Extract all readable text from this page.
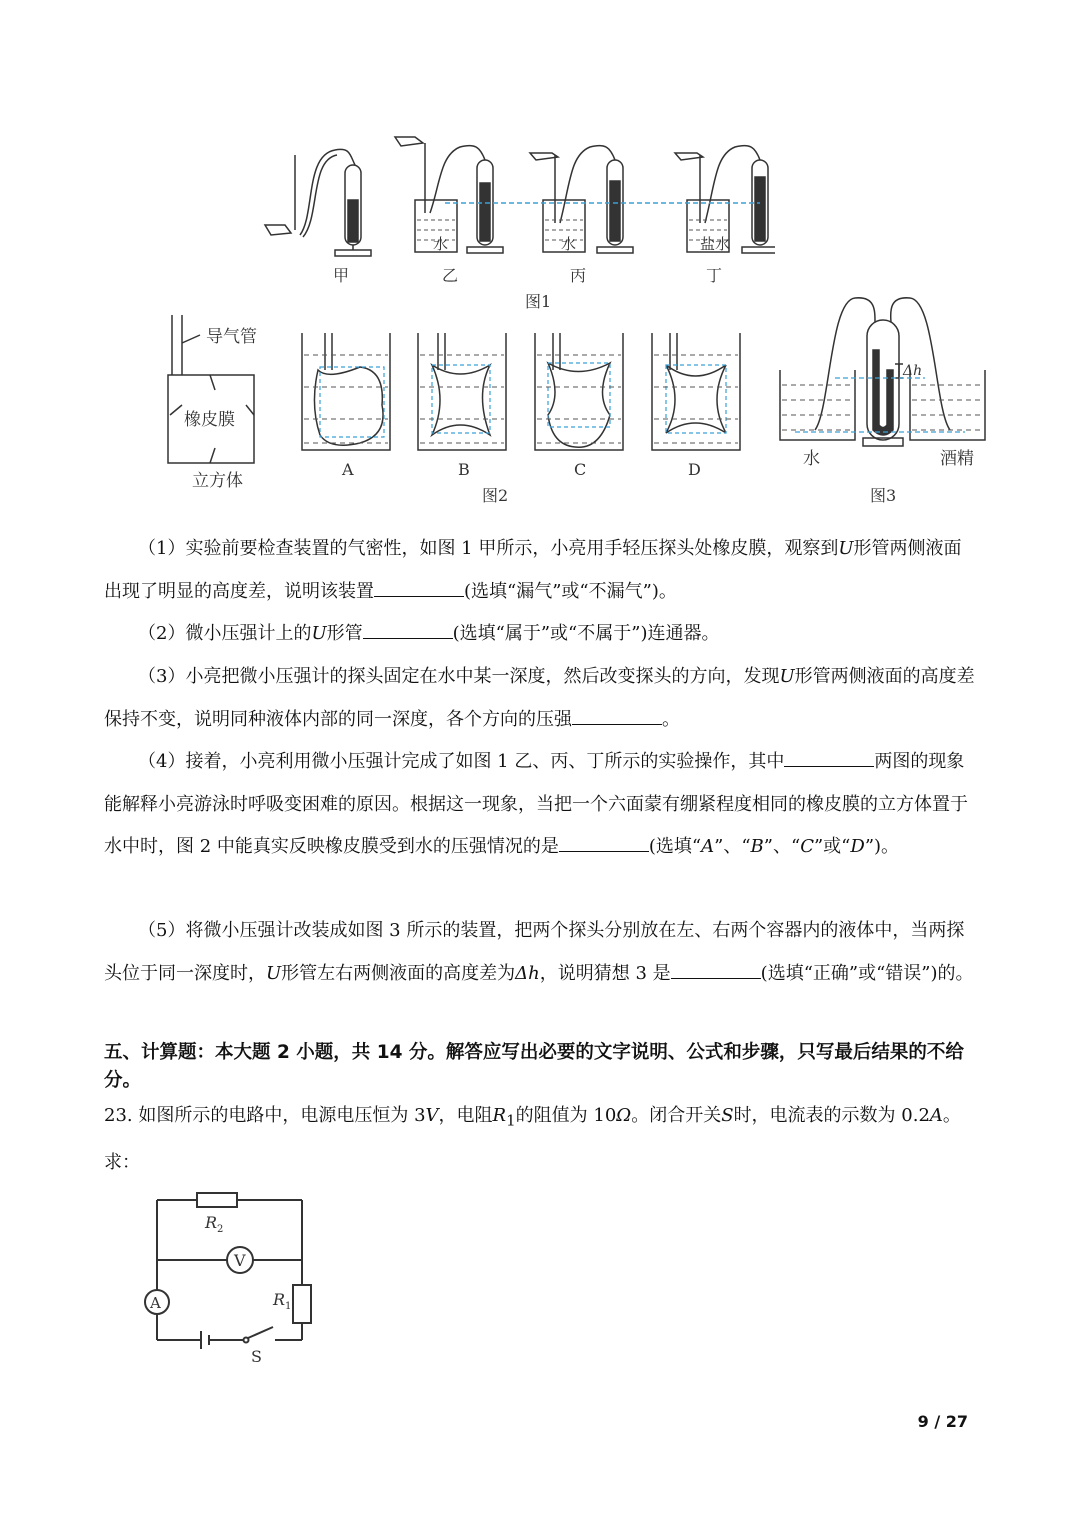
水	水	盐水
甲	乙	丙	丁
图1
导气管
橡皮膜
立方体
A	B	C	D
图2
Δh
水	酒精
图3
（1）实验前要检查装置的气密性，如图 1 甲所示，小亮用手轻压探头处橡皮膜，观察到U形管两侧液面出现了明显的高度差，说明该装置	(选填“漏气”或“不漏气”)。
（2）微小压强计上的U形管	(选填“属于”或“不属于”)连通器。
（3）小亮把微小压强计的探头固定在水中某一深度，然后改变探头的方向，发现U形管两侧液面的高度差保持不变，说明同种液体内部的同一深度，各个方向的压强	。
（4）接着，小亮利用微小压强计完成了如图 1 乙、丙、丁所示的实验操作，其中	两图的现象能解释小亮游泳时呼吸变困难的原因。根据这一现象，当把一个六面蒙有绷紧程度相同的橡皮膜的立方体置于水中时，图 2 中能真实反映橡皮膜受到水的压强情况的是	(选填“A”、“B”、“C”或“D”)。
（5）将微小压强计改装成如图 3 所示的装置，把两个探头分别放在左、右两个容器内的液体中，当两探头位于同一深度时，U形管左右两侧液面的高度差为Δh，说明猜想 3 是	(选填“正确”或“错误”)的。
五、计算题：本大题 2 小题，共 14 分。解答应写出必要的文字说明、公式和步骤，只写最后结果的不给分。
23. 如图所示的电路中，电源电压恒为 3V，电阻$R_1$的阻值为 10Ω。闭合开关S时，电流表的示数为 0.2A。
求：
R 2
V
A	R 1
S
9 / 27
